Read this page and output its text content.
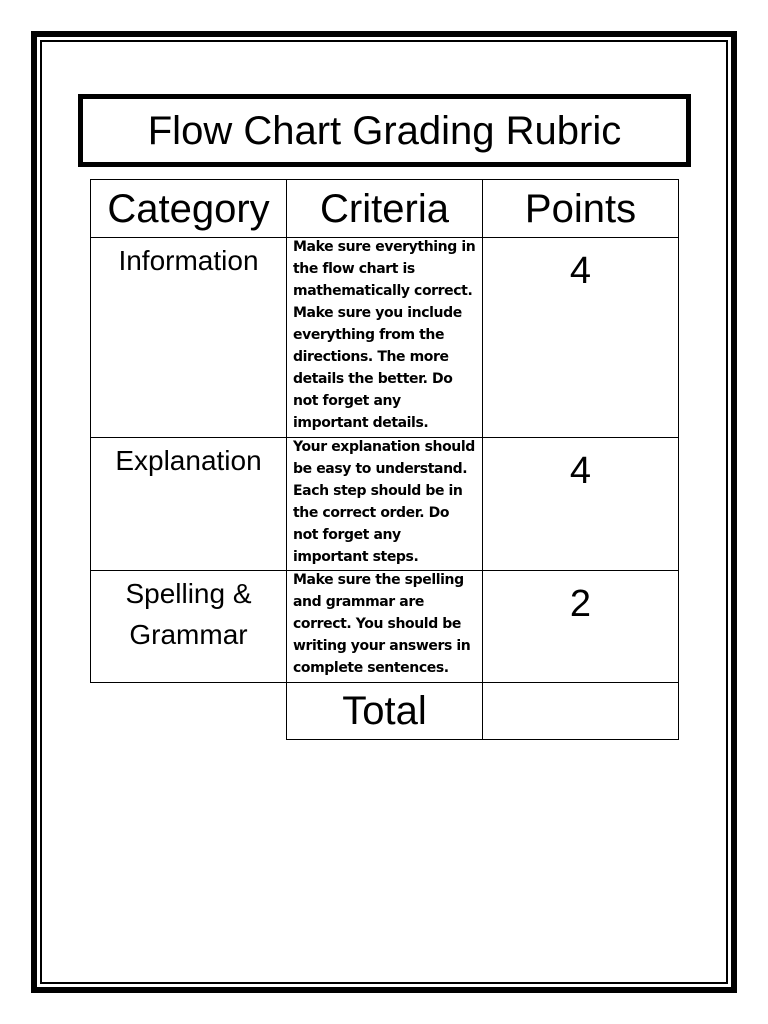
Flow Chart Grading Rubric
Category	Criteria	Points
Information	Make sure everything in the flow chart is mathematically correct. Make sure you include everything from the directions. The more details the better. Do not forget any important details.	4
Explanation	Your explanation should be easy to understand. Each step should be in the correct order. Do not forget any important steps.	4
Spelling & Grammar	Make sure the spelling and grammar are correct. You should be writing your answers in complete sentences.	2
	Total	
